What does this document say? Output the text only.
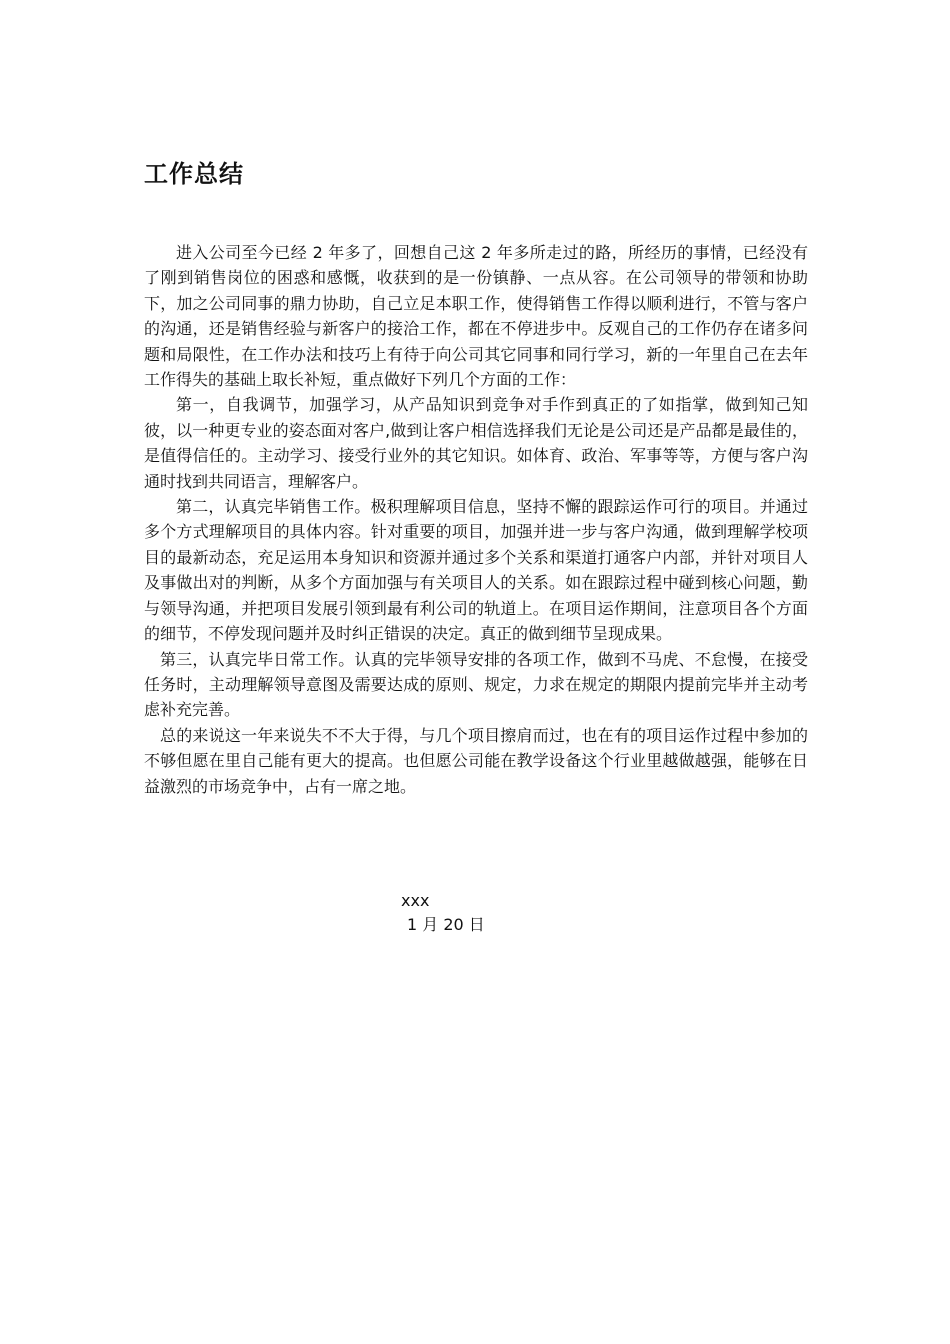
工作总结

进入公司至今已经 2 年多了，回想自己这 2 年多所走过的路，所经历的事情，已经没有了刚到销售岗位的困惑和感慨，收获到的是一份镇静、一点从容。在公司领导的带领和协助下，加之公司同事的鼎力协助，自己立足本职工作，使得销售工作得以顺利进行，不管与客户的沟通，还是销售经验与新客户的接洽工作，都在不停进步中。反观自己的工作仍存在诸多问题和局限性，在工作办法和技巧上有待于向公司其它同事和同行学习，新的一年里自己在去年工作得失的基础上取长补短，重点做好下列几个方面的工作：

第一，自我调节，加强学习，从产品知识到竞争对手作到真正的了如指掌，做到知己知彼，以一种更专业的姿态面对客户,做到让客户相信选择我们无论是公司还是产品都是最佳的，是值得信任的。主动学习、接受行业外的其它知识。如体育、政治、军事等等，方便与客户沟通时找到共同语言，理解客户。

第二，认真完毕销售工作。极积理解项目信息，坚持不懈的跟踪运作可行的项目。并通过多个方式理解项目的具体内容。针对重要的项目，加强并进一步与客户沟通，做到理解学校项目的最新动态，充足运用本身知识和资源并通过多个关系和渠道打通客户内部，并针对项目人及事做出对的判断，从多个方面加强与有关项目人的关系。如在跟踪过程中碰到核心问题，勤与领导沟通，并把项目发展引领到最有利公司的轨道上。在项目运作期间，注意项目各个方面的细节，不停发现问题并及时纠正错误的决定。真正的做到细节呈现成果。

第三，认真完毕日常工作。认真的完毕领导安排的各项工作，做到不马虎、不怠慢，在接受任务时，主动理解领导意图及需要达成的原则、规定，力求在规定的期限内提前完毕并主动考虑补充完善。

总的来说这一年来说失不不大于得，与几个项目擦肩而过，也在有的项目运作过程中参加的不够但愿在里自己能有更大的提高。也但愿公司能在教学设备这个行业里越做越强，能够在日益激烈的市场竞争中，占有一席之地。

xxx
1 月 20 日
